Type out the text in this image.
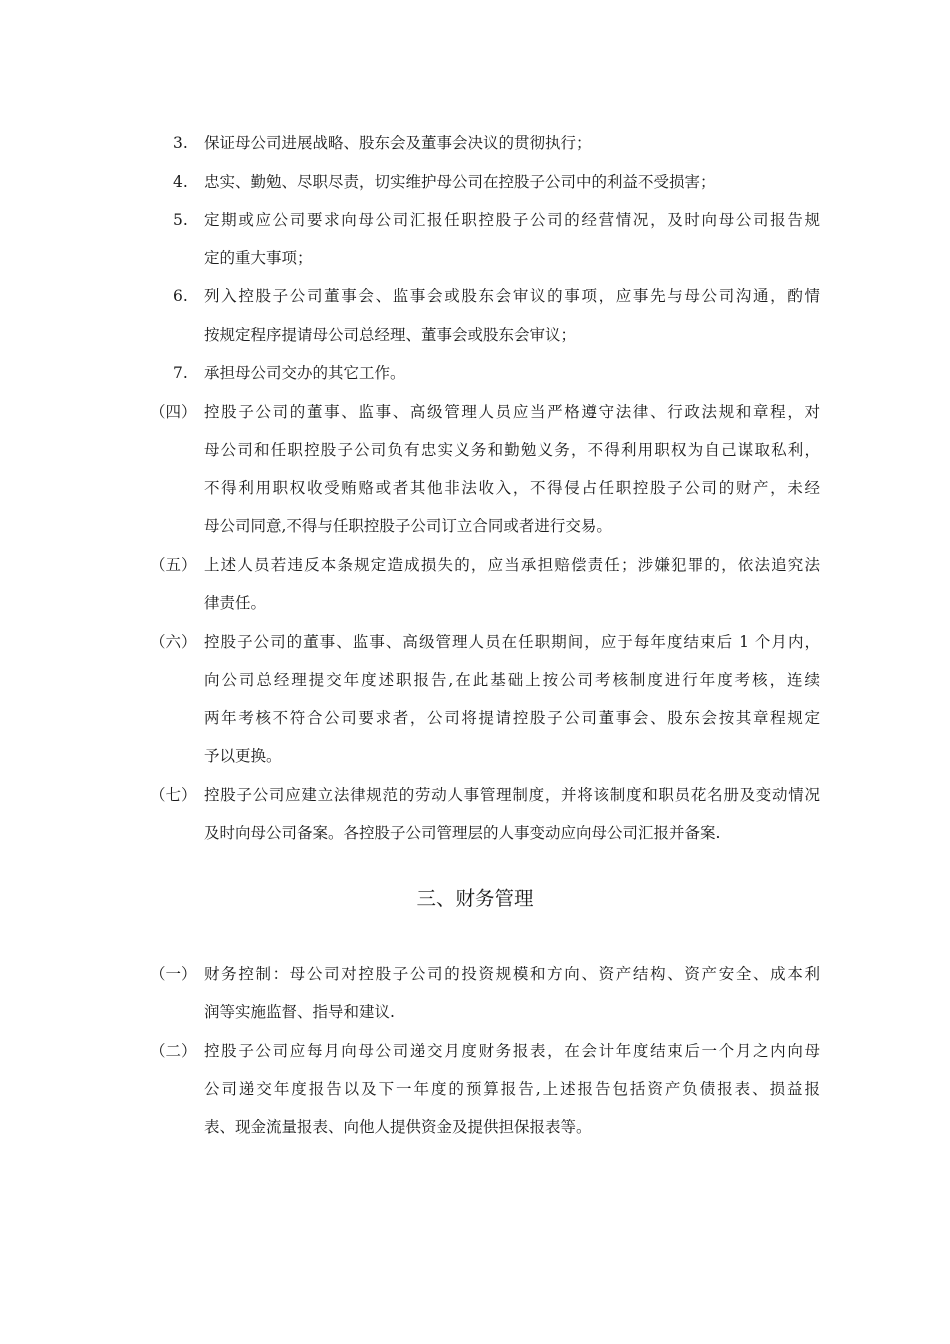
3. 保证母公司进展战略、股东会及董事会决议的贯彻执行；
4. 忠实、勤勉、尽职尽责，切实维护母公司在控股子公司中的利益不受损害；
5. 定期或应公司要求向母公司汇报任职控股子公司的经营情况，及时向母公司报告规
定的重大事项；
6. 列入控股子公司董事会、监事会或股东会审议的事项，应事先与母公司沟通，酌情
按规定程序提请母公司总经理、董事会或股东会审议；
7. 承担母公司交办的其它工作。
（四） 控股子公司的董事、监事、高级管理人员应当严格遵守法律、行政法规和章程，对
母公司和任职控股子公司负有忠实义务和勤勉义务，不得利用职权为自己谋取私利，
不得利用职权收受贿赂或者其他非法收入，不得侵占任职控股子公司的财产，未经
母公司同意,不得与任职控股子公司订立合同或者进行交易。
（五） 上述人员若违反本条规定造成损失的，应当承担赔偿责任；涉嫌犯罪的，依法追究法
律责任。
（六） 控股子公司的董事、监事、高级管理人员在任职期间，应于每年度结束后 1 个月内，
向公司总经理提交年度述职报告,在此基础上按公司考核制度进行年度考核，连续
两年考核不符合公司要求者，公司将提请控股子公司董事会、股东会按其章程规定
予以更换。
（七） 控股子公司应建立法律规范的劳动人事管理制度，并将该制度和职员花名册及变动情况
及时向母公司备案。各控股子公司管理层的人事变动应向母公司汇报并备案.
三、财务管理
（一） 财务控制：母公司对控股子公司的投资规模和方向、资产结构、资产安全、成本利
润等实施监督、指导和建议.
（二） 控股子公司应每月向母公司递交月度财务报表，在会计年度结束后一个月之内向母
公司递交年度报告以及下一年度的预算报告,上述报告包括资产负债报表、损益报
表、现金流量报表、向他人提供资金及提供担保报表等。
